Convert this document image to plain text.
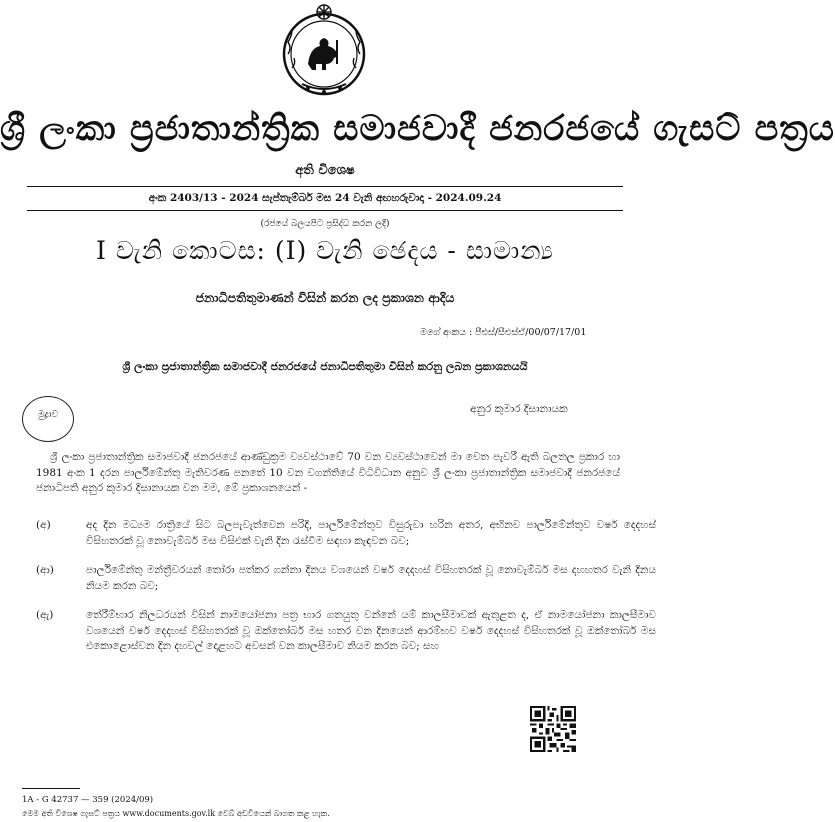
ශ්‍රී ලංකා ප්‍රජාතාන්ත්‍රික සමාජවාදී ජනරජයේ ගැසට් පත්‍රය
අති විශෙෂ
අංක 2403/13 - 2024 සැප්තැම්බර් මස 24 වැනි අඟහරුවාදා - 2024.09.24
(රජයේ බලයපිට ප්‍රසිද්ධ කරන ලදී)
I වැනි කොටස: (I) වැනි ඡෙදය - සාමාන්‍ය
ජනාධිපතිතුමාණන් විසින් කරන ලද ප්‍රකාශන ආදිය
මගේ අංකය : පීඑස්/සීඑස්ඒ/00/07/17/01
ශ්‍රී ලංකා ප්‍රජාතාන්ත්‍රික සමාජවාදී ජනරජයේ ජනාධිපතිතුමා විසින් කරනු ලබන ප්‍රකාශනයයි
මුද්‍රාව	අනුර කුමාර දිසානායක

ශ්‍රී ලංකා ප්‍රජාතාන්ත්‍රික සමාජවාදී ජනරජයේ ආණ්ඩුක්‍රම ව්‍යවස්ථාවේ 70 වන ව්‍යවස්ථාවෙන් මා වෙත පැවරී ඇති බලතල ප්‍රකාර හා 1981 අංක 1 දරන පාර්ලිමේන්තු මැතිවරණ පනතේ 10 වන වගන්තියේ විධිවිධාන අනුව ශ්‍රී ලංකා ප්‍රජාතාන්ත්‍රික සමාජවාදී ජනරජයේ ජනාධිපති අනුර කුමාර දිසානායක වන මම, මේ ප්‍රකාශනයෙන් -

(අ)	අද දින මධ්‍යම රාත්‍රියේ සිට බලපැවැත්වෙන පරිදි, පාර්ලිමේන්තුව විසුරුවා හරින අතර, අභිනව පාර්ලිමේන්තුව වර්ෂ දෙදහස් විසිහතරක් වූ නොවැම්බර් මස විසිඑක් වැනි දින රැස්වීම සඳහා කැඳවන බව;
(ආ)	පාර්ලිමේන්තු මන්ත්‍රීවරයන් තෝරා පත්කර ගන්නා දිනය වශයෙන් වර්ෂ දෙදහස් විසිහතරක් වූ නොවැම්බර් මස දහහතර වැනි දිනය නියම කරන බව;
(ඇ)	තේරීම්භාර නිලධරයන් විසින් නාමයෝජනා පත්‍ර භාර ගතයුතු වන්නේ යම් කාලසීමාවක් ඇතුළත ද, ඒ නාමයෝජනා කාලසීමාව වශයෙන් වර්ෂ දෙදහස් විසිහතරක් වූ ඔක්තෝබර් මස හතර වන දිනයෙන් ආරම්භව වර්ෂ දෙදහස් විසිහතරක් වූ ඔක්තෝබර් මස එකොළොස්වන දින දහවල් දොළහට අවසන් වන කාලසීමාව නියම කරන බව; සහ
1A - G 42737 — 359 (2024/09)
මෙම අති විශෙෂ ගැසට් පත්‍රය www.documents.gov.lk වෙබ් අඩවියෙන් බාගත කළ හැක.
